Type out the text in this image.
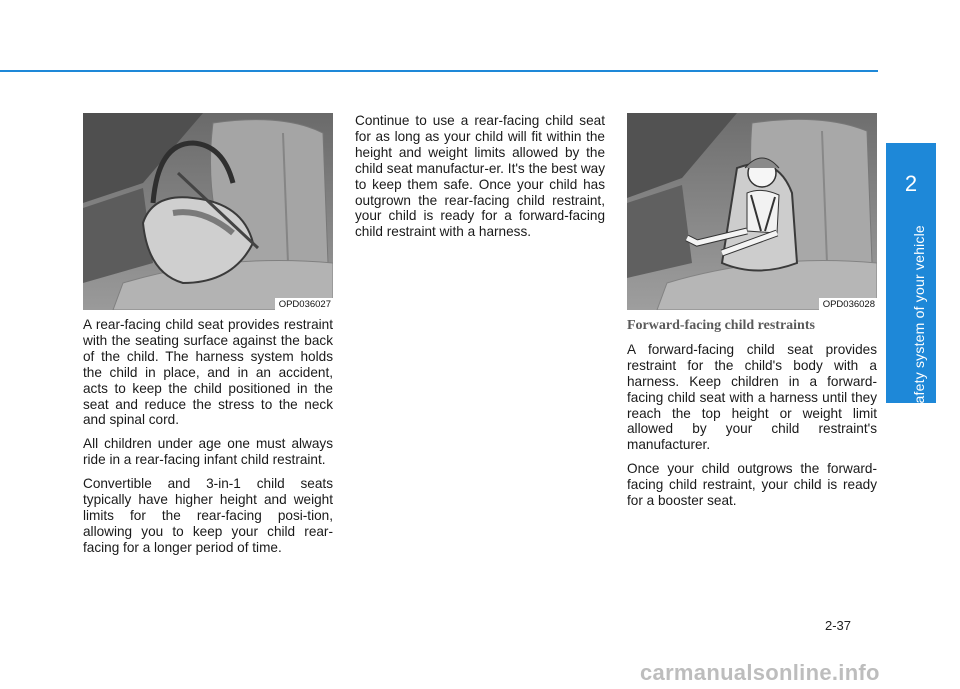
OPD036027

A rear-facing child seat provides restraint with the seating surface against the back of the child. The harness system holds the child in place, and in an accident, acts to keep the child positioned in the seat and reduce the stress to the neck and spinal cord.

All children under age one must always ride in a rear-facing infant child restraint.

Convertible and 3-in-1 child seats typically have higher height and weight limits for the rear-facing posi-tion, allowing you to keep your child rear-facing for a longer period of time.

Continue to use a rear-facing child seat for as long as your child will fit within the height and weight limits allowed by the child seat manufactur-er. It's the best way to keep them safe. Once your child has outgrown the rear-facing child restraint, your child is ready for a forward-facing child restraint with a harness.

OPD036028
Forward-facing child restraints

A forward-facing child seat provides restraint for the child's body with a harness. Keep children in a forward-facing child seat with a harness until they reach the top height or weight limit allowed by your child restraint's manufacturer.

Once your child outgrows the forward-facing child restraint, your child is ready for a booster seat.

2
Safety system of your vehicle
2-37
carmanualsonline.info
